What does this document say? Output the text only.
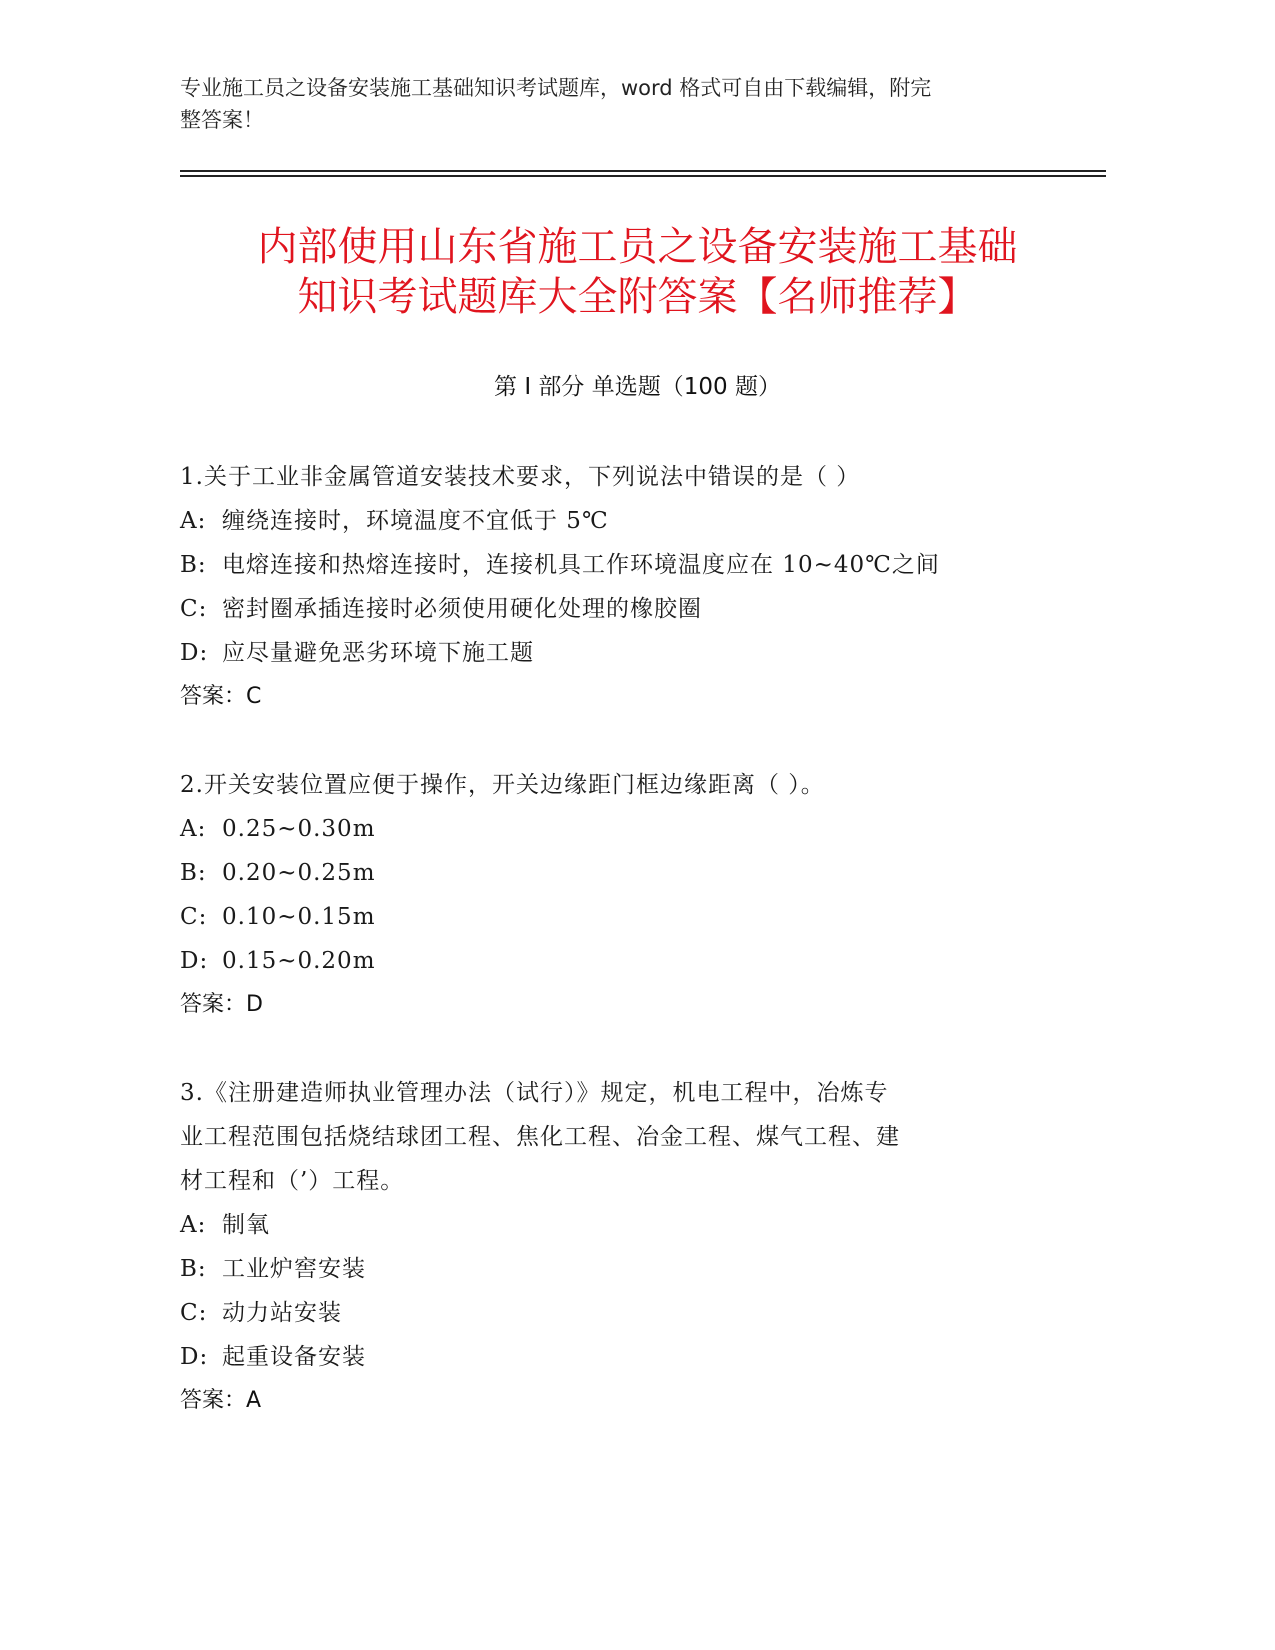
专业施工员之设备安装施工基础知识考试题库，word 格式可自由下载编辑，附完
整答案！
内部使用山东省施工员之设备安装施工基础
知识考试题库大全附答案【名师推荐】
第 I 部分 单选题（100 题）
1.关于工业非金属管道安装技术要求，下列说法中错误的是（ ）
A: 缠绕连接时，环境温度不宜低于 5℃
B: 电熔连接和热熔连接时，连接机具工作环境温度应在 10~40℃之间
C: 密封圈承插连接时必须使用硬化处理的橡胶圈
D: 应尽量避免恶劣环境下施工题
答案：C
2.开关安装位置应便于操作，开关边缘距门框边缘距离（ ）。
A: 0.25~0.30m
B: 0.20~0.25m
C: 0.10~0.15m
D: 0.15~0.20m
答案：D
3.《注册建造师执业管理办法（试行）》规定，机电工程中，冶炼专
业工程范围包括烧结球团工程、焦化工程、冶金工程、煤气工程、建
材工程和（’）工程。
A: 制氧
B: 工业炉窖安装
C: 动力站安装
D: 起重设备安装
答案：A
